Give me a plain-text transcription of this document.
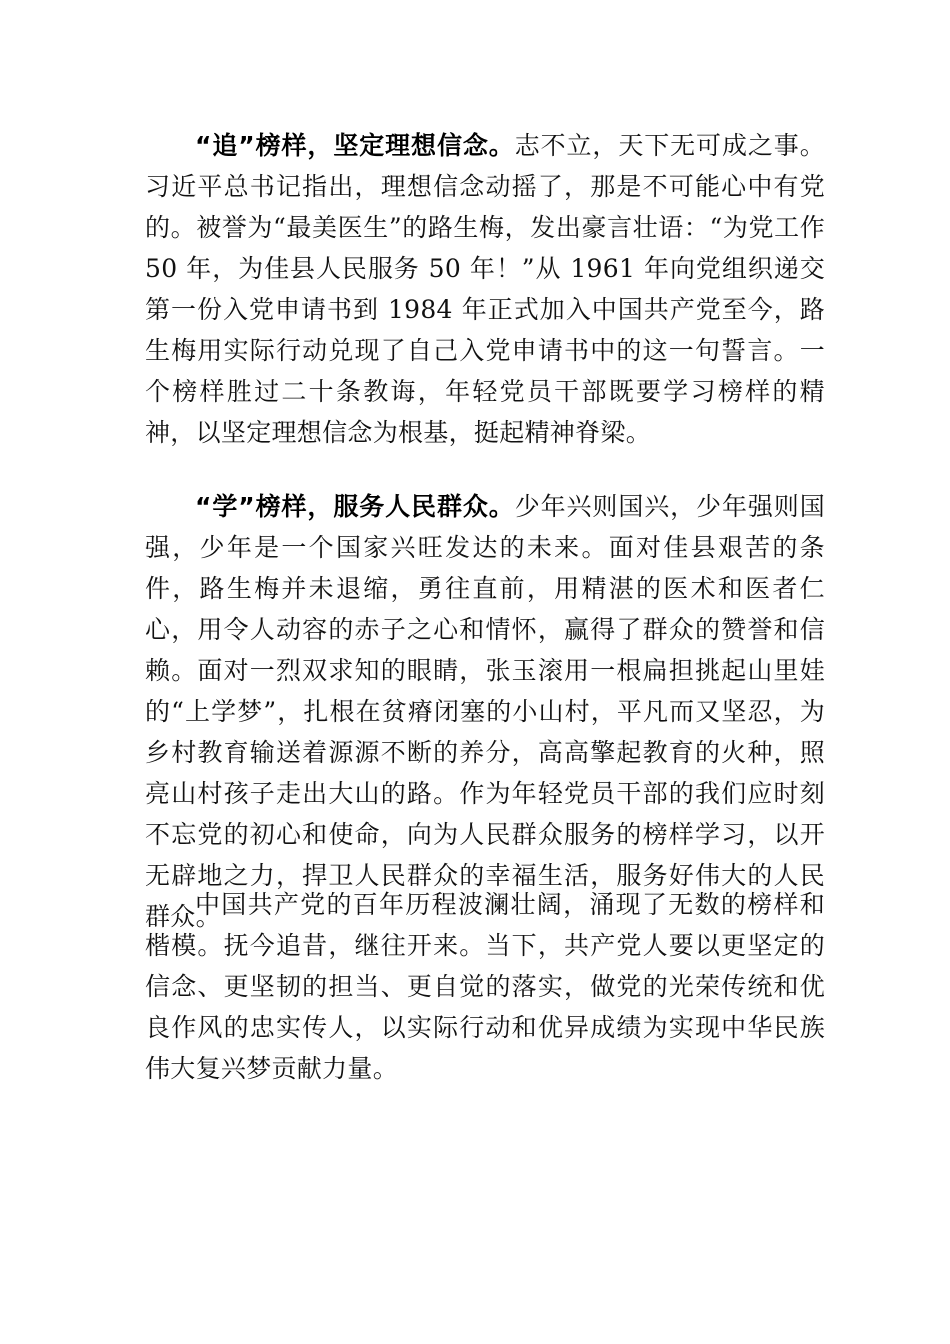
“追”榜样，坚定理想信念。志不立，天下无可成之事。习近平总书记指出，理想信念动摇了，那是不可能心中有党的。被誉为“最美医生”的路生梅，发出豪言壮语：“为党工作 50 年，为佳县人民服务 50 年！”从 1961 年向党组织递交第一份入党申请书到 1984 年正式加入中国共产党至今，路生梅用实际行动兑现了自己入党申请书中的这一句誓言。一个榜样胜过二十条教诲，年轻党员干部既要学习榜样的精神，以坚定理想信念为根基，挺起精神脊梁。

“学”榜样，服务人民群众。少年兴则国兴，少年强则国强，少年是一个国家兴旺发达的未来。面对佳县艰苦的条件，路生梅并未退缩，勇往直前，用精湛的医术和医者仁心，用令人动容的赤子之心和情怀，赢得了群众的赞誉和信赖。面对一烈双求知的眼睛，张玉滚用一根扁担挑起山里娃的“上学梦”，扎根在贫瘠闭塞的小山村，平凡而又坚忍，为乡村教育输送着源源不断的养分，高高擎起教育的火种，照亮山村孩子走出大山的路。作为年轻党员干部的我们应时刻不忘党的初心和使命，向为人民群众服务的榜样学习，以开无辟地之力，捍卫人民群众的幸福生活，服务好伟大的人民群众。

中国共产党的百年历程波澜壮阔，涌现了无数的榜样和楷模。抚今追昔，继往开来。当下，共产党人要以更坚定的信念、更坚韧的担当、更自觉的落实，做党的光荣传统和优良作风的忠实传人，以实际行动和优异成绩为实现中华民族伟大复兴梦贡献力量。
